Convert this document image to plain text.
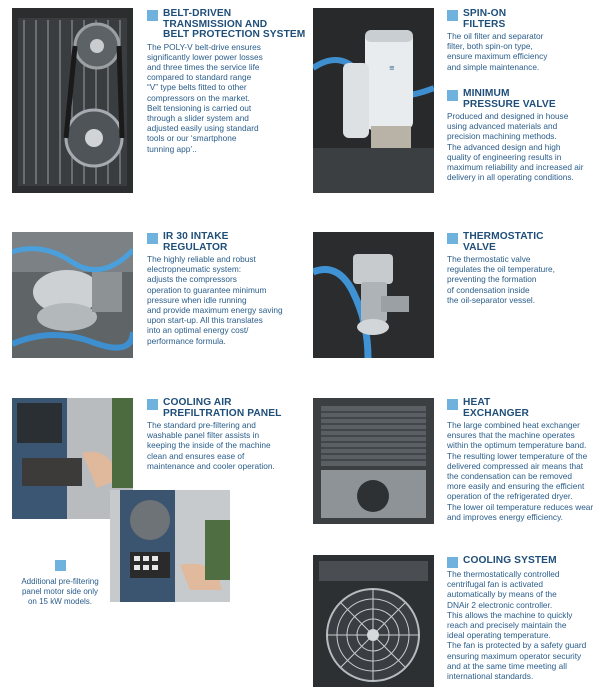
≡
BELT-DRIVEN
TRANSMISSION AND
BELT PROTECTION SYSTEM
The POLY-V belt-drive ensures
significantly lower power losses
and three times the service life
compared to standard range
“V” type belts fitted to other
compressors on the market.
Belt tensioning is carried out
through a slider system and
adjusted easily using standard
tools or our ‘smartphone
tunning app’..
SPIN-ON
FILTERS
The oil filter and separator
filter, both spin-on type,
ensure maximum efficiency
and simple maintenance.
MINIMUM
PRESSURE VALVE
Produced and designed in house
using advanced materials and
precision machining methods.
The advanced design and high
quality of engineering results in
maximum reliability and increased air
delivery in all operating conditions.
IR 30 INTAKE
REGULATOR
The highly reliable and robust
electropneumatic system:
adjusts the compressors
operation to guarantee minimum
pressure when idle running
and provide maximum energy saving
upon start-up. All this translates
into an optimal energy cost/
performance formula.
THERMOSTATIC
VALVE
The thermostatic valve
regulates the oil temperature,
preventing the formation
of condensation inside
the oil-separator vessel.
COOLING AIR
PREFILTRATION PANEL
The standard pre-filtering and
washable panel filter assists in
keeping the inside of the machine
clean and ensures ease of
maintenance and cooler operation.
HEAT
EXCHANGER
The large combined heat exchanger
ensures that the machine operates
within the optimum temperature band.
The resulting lower temperature of the
delivered compressed air means that
the condensation can be removed
more easily and ensuring the efficient
operation of the refrigerated dryer.
The lower oil temperature reduces wear
and improves energy efficiency.
COOLING SYSTEM
The thermostatically controlled
centrifugal fan is activated
automatically by means of the
DNAir 2 electronic controller.
This allows the machine to quickly
reach and precisely maintain the
ideal operating temperature.
The fan is protected by a safety guard
ensuring maximum operator security
and at the same time meeting all
international standards.
Additional pre-filtering
panel motor side only
on 15 kW models.
